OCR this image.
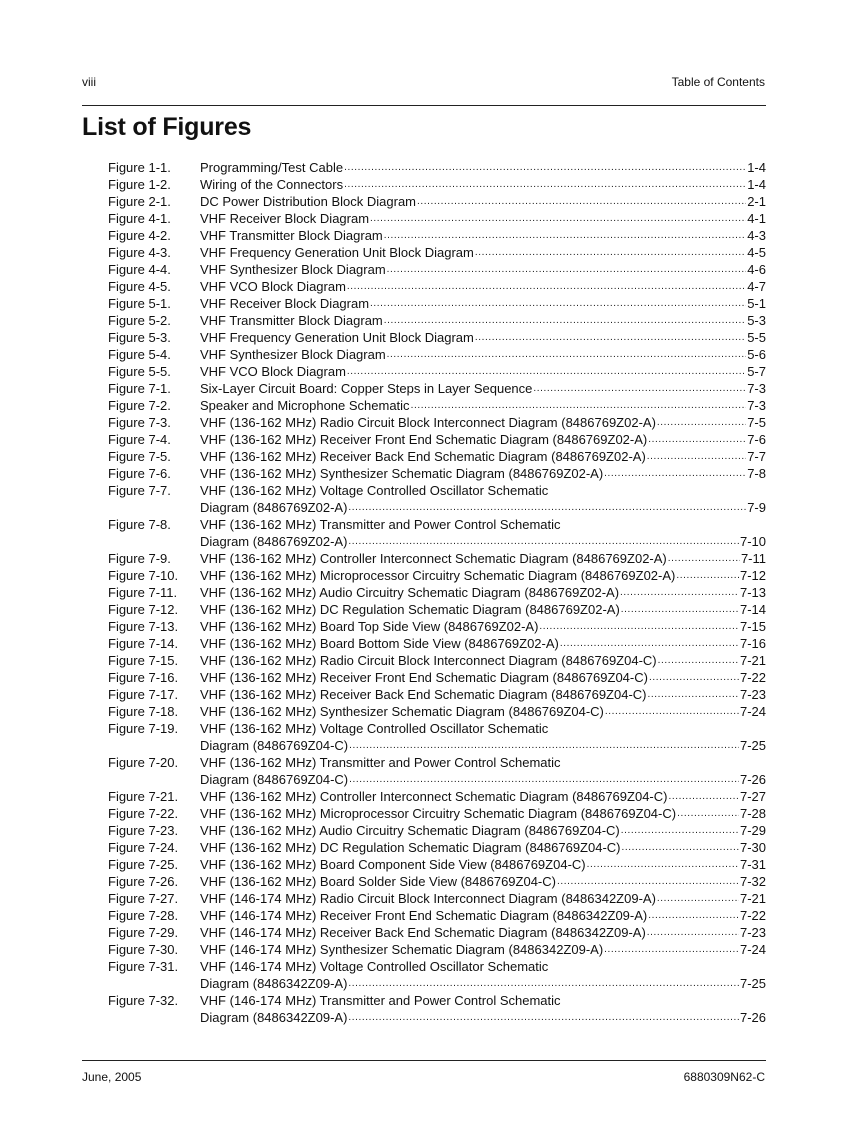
viii	Table of Contents
List of Figures
Figure 1-1.	Programming/Test Cable .....	1-4
Figure 1-2.	Wiring of the Connectors .....	1-4
Figure 2-1.	DC Power Distribution Block Diagram .....	2-1
Figure 4-1.	VHF Receiver Block Diagram .....	4-1
Figure 4-2.	VHF Transmitter Block Diagram .....	4-3
Figure 4-3.	VHF Frequency Generation Unit Block Diagram .....	4-5
Figure 4-4.	VHF Synthesizer Block Diagram .....	4-6
Figure 4-5.	VHF VCO Block Diagram .....	4-7
Figure 5-1.	VHF Receiver Block Diagram .....	5-1
Figure 5-2.	VHF Transmitter Block Diagram .....	5-3
Figure 5-3.	VHF Frequency Generation Unit Block Diagram .....	5-5
Figure 5-4.	VHF Synthesizer Block Diagram .....	5-6
Figure 5-5.	VHF VCO Block Diagram .....	5-7
Figure 7-1.	Six-Layer Circuit Board: Copper Steps in Layer Sequence .....	7-3
Figure 7-2.	Speaker and Microphone Schematic .....	7-3
Figure 7-3.	VHF (136-162 MHz) Radio Circuit Block Interconnect Diagram (8486769Z02-A) .....	7-5
Figure 7-4.	VHF (136-162 MHz) Receiver Front End Schematic Diagram (8486769Z02-A) .....	7-6
Figure 7-5.	VHF (136-162 MHz) Receiver Back End Schematic Diagram (8486769Z02-A) .....	7-7
Figure 7-6.	VHF (136-162 MHz) Synthesizer Schematic Diagram (8486769Z02-A) .....	7-8
Figure 7-7.	VHF (136-162 MHz) Voltage Controlled Oscillator Schematic
Diagram (8486769Z02-A) .....	7-9
Figure 7-8.	VHF (136-162 MHz) Transmitter and Power Control Schematic
Diagram (8486769Z02-A) .....	7-10
Figure 7-9.	VHF (136-162 MHz) Controller Interconnect Schematic Diagram (8486769Z02-A) .....	7-11
Figure 7-10.	VHF (136-162 MHz) Microprocessor Circuitry Schematic Diagram (8486769Z02-A) .....	7-12
Figure 7-11.	VHF (136-162 MHz) Audio Circuitry Schematic Diagram (8486769Z02-A) .....	7-13
Figure 7-12.	VHF (136-162 MHz) DC Regulation Schematic Diagram (8486769Z02-A) .....	7-14
Figure 7-13.	VHF (136-162 MHz) Board Top Side View (8486769Z02-A) .....	7-15
Figure 7-14.	VHF (136-162 MHz) Board Bottom Side View (8486769Z02-A) .....	7-16
Figure 7-15.	VHF (136-162 MHz) Radio Circuit Block Interconnect Diagram (8486769Z04-C) .....	7-21
Figure 7-16.	VHF (136-162 MHz) Receiver Front End Schematic Diagram (8486769Z04-C) .....	7-22
Figure 7-17.	VHF (136-162 MHz) Receiver Back End Schematic Diagram (8486769Z04-C) .....	7-23
Figure 7-18.	VHF (136-162 MHz) Synthesizer Schematic Diagram (8486769Z04-C) .....	7-24
Figure 7-19.	VHF (136-162 MHz) Voltage Controlled Oscillator Schematic
Diagram (8486769Z04-C) .....	7-25
Figure 7-20.	VHF (136-162 MHz) Transmitter and Power Control Schematic
Diagram (8486769Z04-C) .....	7-26
Figure 7-21.	VHF (136-162 MHz) Controller Interconnect Schematic Diagram (8486769Z04-C) .....	7-27
Figure 7-22.	VHF (136-162 MHz) Microprocessor Circuitry Schematic Diagram (8486769Z04-C) .....	7-28
Figure 7-23.	VHF (136-162 MHz) Audio Circuitry Schematic Diagram (8486769Z04-C) .....	7-29
Figure 7-24.	VHF (136-162 MHz) DC Regulation Schematic Diagram (8486769Z04-C) .....	7-30
Figure 7-25.	VHF (136-162 MHz) Board Component Side View (8486769Z04-C) .....	7-31
Figure 7-26.	VHF (136-162 MHz) Board Solder Side View (8486769Z04-C) .....	7-32
Figure 7-27.	VHF (146-174 MHz) Radio Circuit Block Interconnect Diagram (8486342Z09-A) .....	7-21
Figure 7-28.	VHF (146-174 MHz) Receiver Front End Schematic Diagram (8486342Z09-A) .....	7-22
Figure 7-29.	VHF (146-174 MHz) Receiver Back End Schematic Diagram (8486342Z09-A) .....	7-23
Figure 7-30.	VHF (146-174 MHz) Synthesizer Schematic Diagram (8486342Z09-A) .....	7-24
Figure 7-31.	VHF (146-174 MHz) Voltage Controlled Oscillator Schematic
Diagram (8486342Z09-A) .....	7-25
Figure 7-32.	VHF (146-174 MHz) Transmitter and Power Control Schematic
Diagram (8486342Z09-A) .....	7-26
June, 2005	6880309N62-C
